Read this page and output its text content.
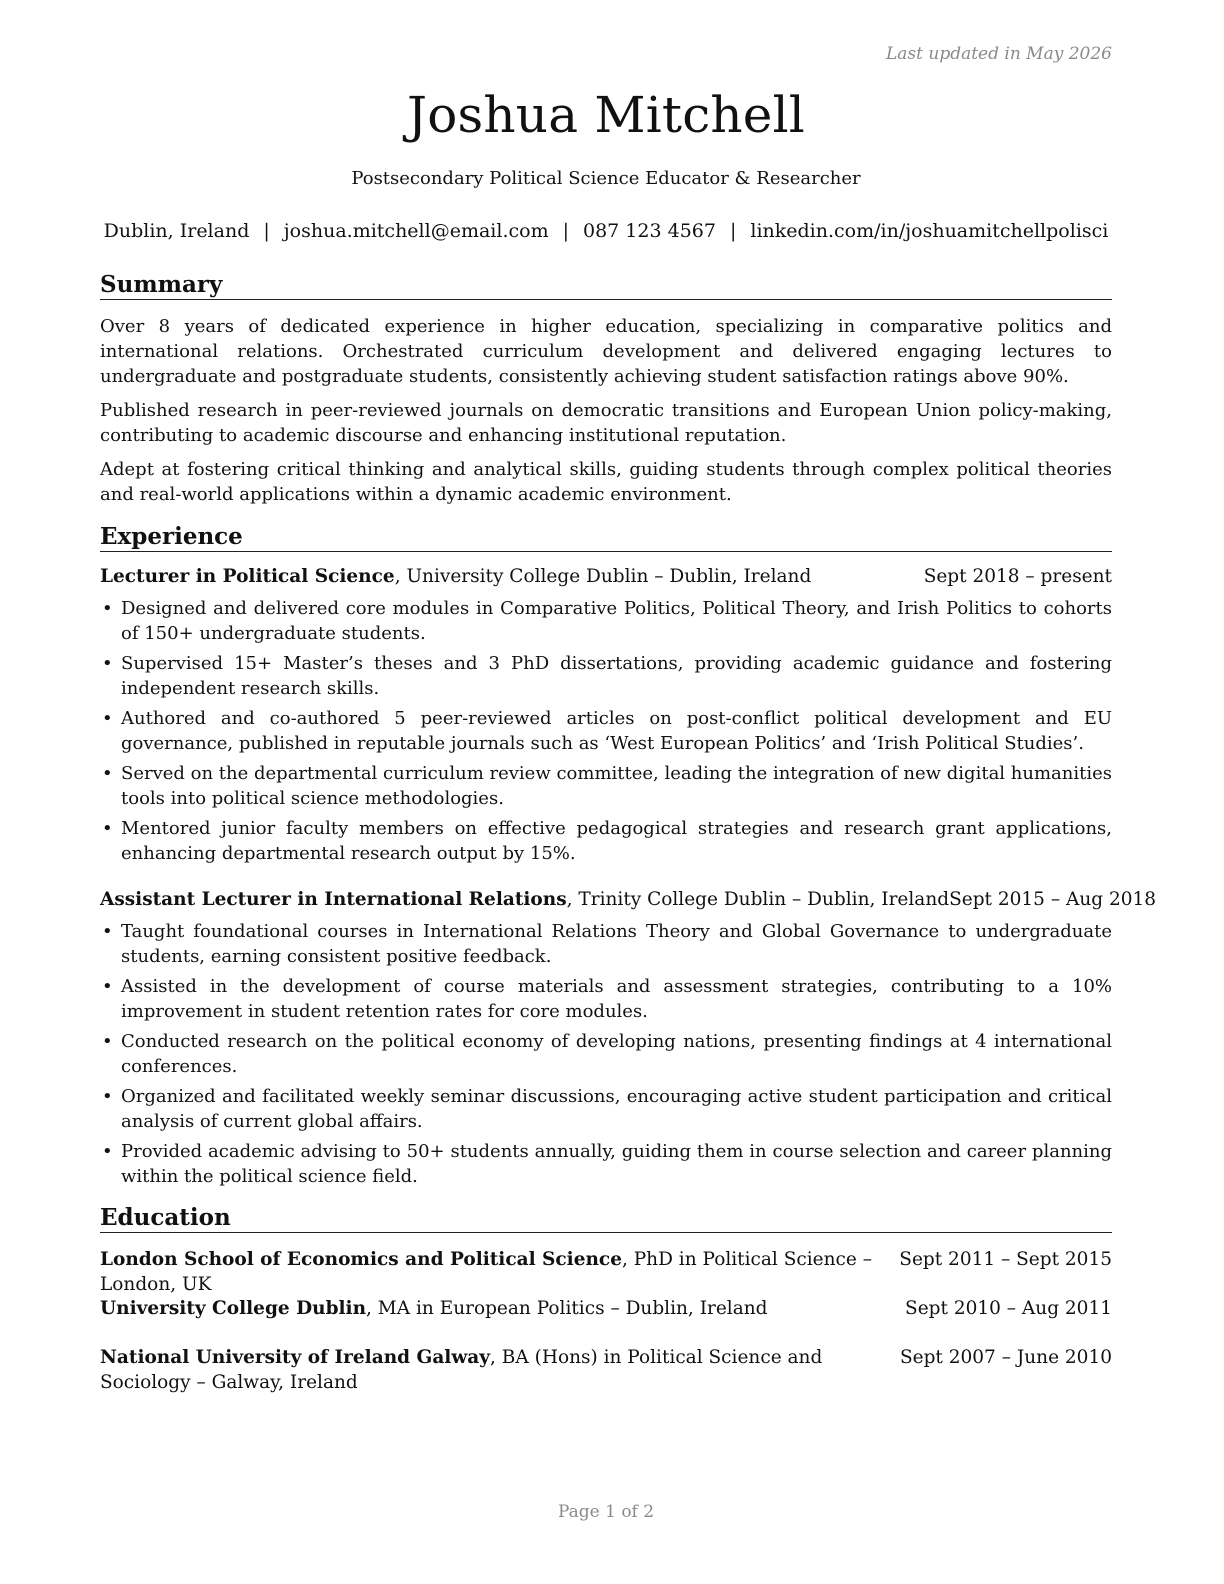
Last updated in May 2026
Joshua Mitchell
Postsecondary Political Science Educator & Researcher
Dublin, Ireland | joshua.mitchell@email.com | 087 123 4567 | linkedin.com/in/joshuamitchellpolisci
Summary

Over 8 years of dedicated experience in higher education, specializing in comparative politics and international relations. Orchestrated curriculum development and delivered engaging lectures to undergraduate and postgraduate students, consistently achieving student satisfaction ratings above 90%.

Published research in peer-reviewed journals on democratic transitions and European Union policy-making, contributing to academic discourse and enhancing institutional reputation.

Adept at fostering critical thinking and analytical skills, guiding students through complex political theories and real-world applications within a dynamic academic environment.

Experience
Lecturer in Political Science, University College Dublin – Dublin, Ireland	Sept 2018 – present
• Designed and delivered core modules in Comparative Politics, Political Theory, and Irish Politics to cohorts of 150+ undergraduate students.
• Supervised 15+ Master’s theses and 3 PhD dissertations, providing academic guidance and fostering independent research skills.
• Authored and co-authored 5 peer-reviewed articles on post-conflict political development and EU governance, published in reputable journals such as ‘West European Politics’ and ‘Irish Political Studies’.
• Served on the departmental curriculum review committee, leading the integration of new digital humanities tools into political science methodologies.
• Mentored junior faculty members on effective pedagogical strategies and research grant applications, enhancing departmental research output by 15%.
Assistant Lecturer in International Relations, Trinity College Dublin – Dublin, Ireland Sept 2015 – Aug 2018
• Taught foundational courses in International Relations Theory and Global Governance to undergraduate students, earning consistent positive feedback.
• Assisted in the development of course materials and assessment strategies, contributing to a 10% improvement in student retention rates for core modules.
• Conducted research on the political economy of developing nations, presenting findings at 4 international conferences.
• Organized and facilitated weekly seminar discussions, encouraging active student participation and critical analysis of current global affairs.
• Provided academic advising to 50+ students annually, guiding them in course selection and career planning within the political science field.
Education
London School of Economics and Political Science, PhD in Political Science – London, UK
Sept 2011 – Sept 2015
University College Dublin, MA in European Politics – Dublin, Ireland	Sept 2010 – Aug 2011
National University of Ireland Galway, BA (Hons) in Political Science and Sociology – Galway, Ireland
Sept 2007 – June 2010
Page 1 of 2
